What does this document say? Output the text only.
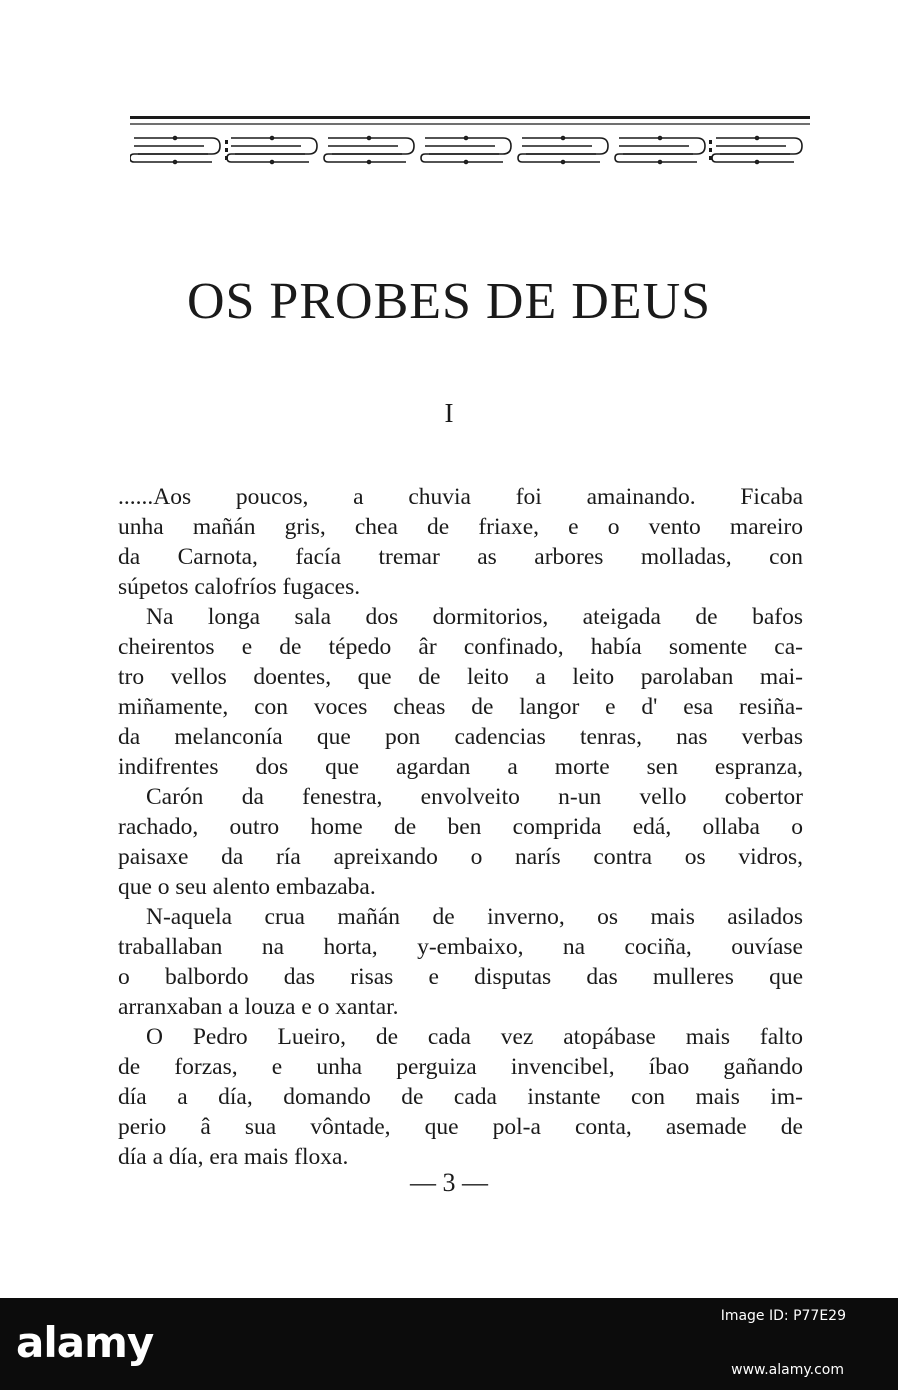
OS PROBES DE DEUS
I
......Aos poucos, a chuvia foi amainando. Ficaba
unha mañán gris, chea de friaxe, e o vento mareiro
da Carnota, facía tremar as arbores molladas, con
súpetos calofríos fugaces.
Na longa sala dos dormitorios, ateigada de bafos
cheirentos e de tépedo âr confinado, había somente ca-
tro vellos doentes, que de leito a leito parolaban mai-
miñamente, con voces cheas de langor e d' esa resiña-
da melanconía que pon cadencias tenras, nas verbas
indifrentes dos que agardan a morte sen espranza,
Carón da fenestra, envolveito n-un vello cobertor
rachado, outro home de ben comprida edá, ollaba o
paisaxe da ría apreixando o narís contra os vidros,
que o seu alento embazaba.
N-aquela crua mañán de inverno, os mais asilados
traballaban na horta, y-embaixo, na cociña, ouvíase
o balbordo das risas e disputas das mulleres que
arranxaban a louza e o xantar.
O Pedro Lueiro, de cada vez atopábase mais falto
de forzas, e unha perguiza invencibel, íbao gañando
día a día, domando de cada instante con mais im-
perio â sua vôntade, que pol-a conta, asemade de
día a día, era mais floxa.
— 3 —
alamy
Image ID: P77E29
www.alamy.com
